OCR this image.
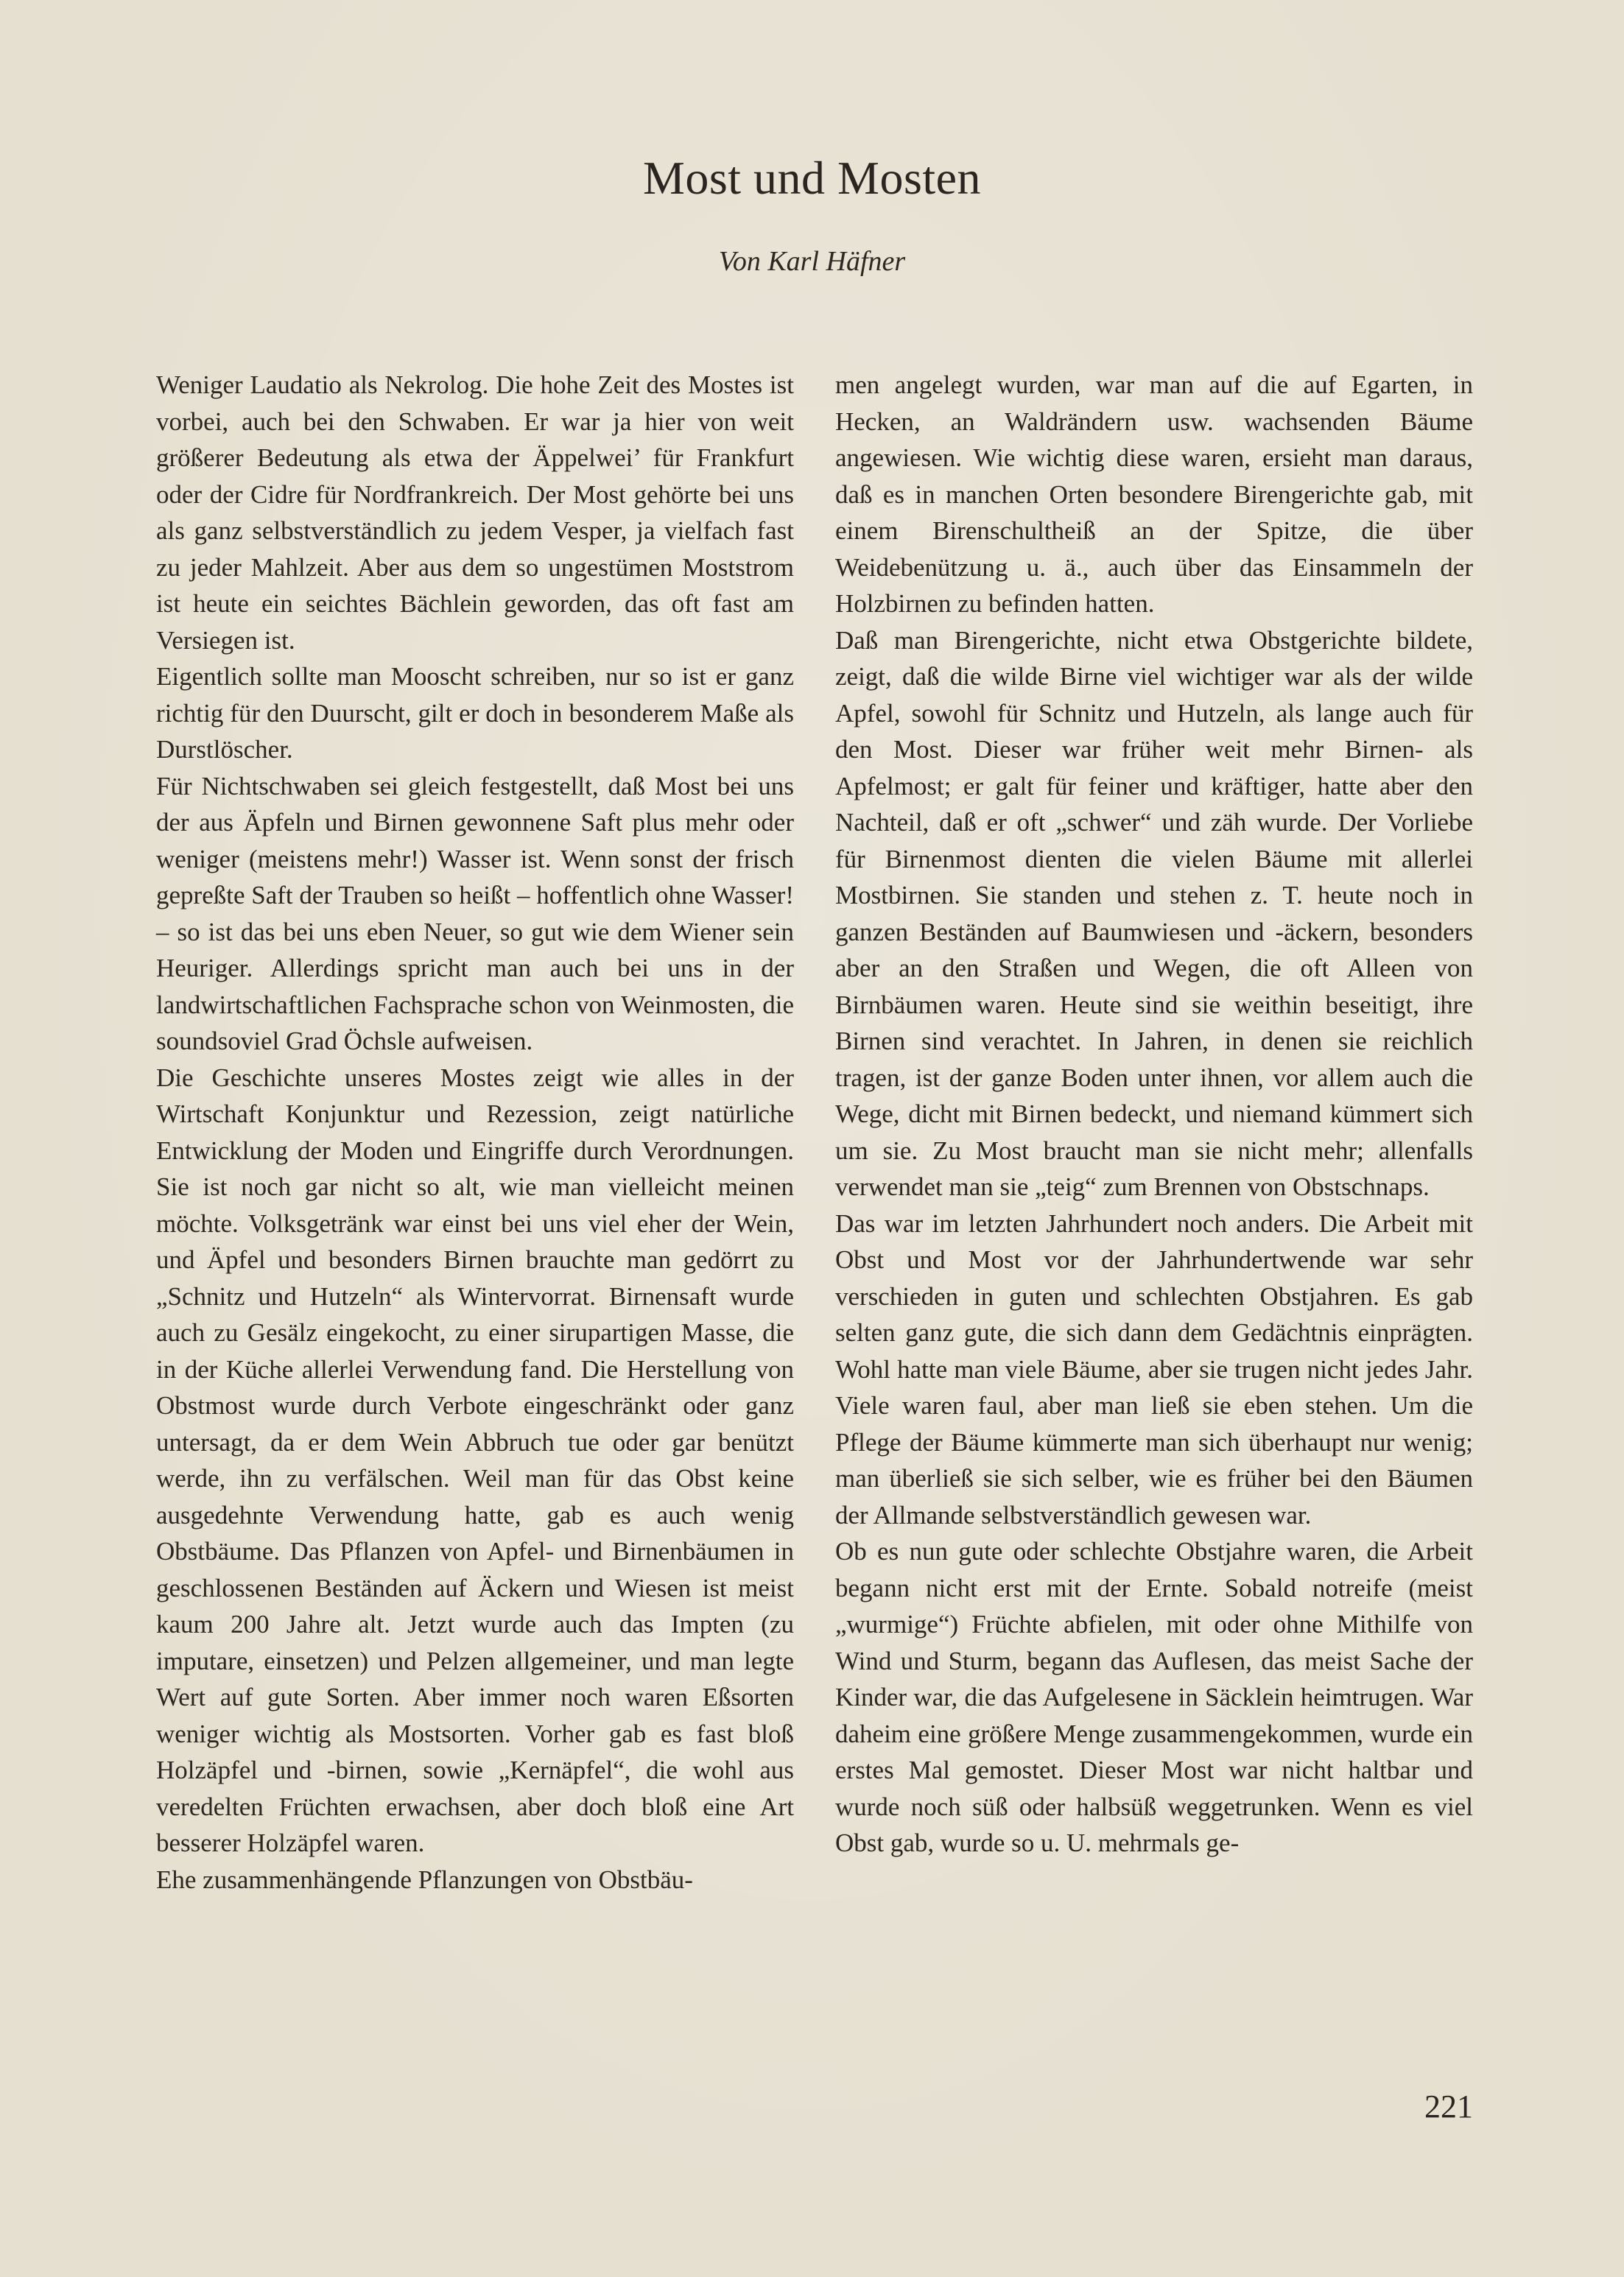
Most und Mosten
Von Karl Häfner

Weniger Laudatio als Nekrolog. Die hohe Zeit des Mostes ist vorbei, auch bei den Schwaben. Er war ja hier von weit größerer Bedeutung als etwa der Äppelwei’ für Frankfurt oder der Cidre für Nordfrankreich. Der Most gehörte bei uns als ganz selbstverständlich zu jedem Vesper, ja vielfach fast zu jeder Mahlzeit. Aber aus dem so ungestümen Moststrom ist heute ein seichtes Bächlein geworden, das oft fast am Versiegen ist.

Eigentlich sollte man Mooscht schreiben, nur so ist er ganz richtig für den Duurscht, gilt er doch in besonderem Maße als Durstlöscher.

Für Nichtschwaben sei gleich festgestellt, daß Most bei uns der aus Äpfeln und Birnen gewonnene Saft plus mehr oder weniger (meistens mehr!) Wasser ist. Wenn sonst der frisch gepreßte Saft der Trauben so heißt – hoffentlich ohne Wasser! – so ist das bei uns eben Neuer, so gut wie dem Wiener sein Heuriger. Allerdings spricht man auch bei uns in der landwirtschaftlichen Fachsprache schon von Weinmosten, die soundsoviel Grad Öchsle aufweisen.

Die Geschichte unseres Mostes zeigt wie alles in der Wirtschaft Konjunktur und Rezession, zeigt natürliche Entwicklung der Moden und Eingriffe durch Verordnungen. Sie ist noch gar nicht so alt, wie man vielleicht meinen möchte. Volksgetränk war einst bei uns viel eher der Wein, und Äpfel und besonders Birnen brauchte man gedörrt zu „Schnitz und Hutzeln“ als Wintervorrat. Birnensaft wurde auch zu Gesälz eingekocht, zu einer sirupartigen Masse, die in der Küche allerlei Verwendung fand. Die Herstellung von Obstmost wurde durch Verbote eingeschränkt oder ganz untersagt, da er dem Wein Abbruch tue oder gar benützt werde, ihn zu verfälschen. Weil man für das Obst keine ausgedehnte Verwendung hatte, gab es auch wenig Obstbäume. Das Pflanzen von Apfel- und Birnenbäumen in geschlossenen Beständen auf Äckern und Wiesen ist meist kaum 200 Jahre alt. Jetzt wurde auch das Impten (zu imputare, einsetzen) und Pelzen allgemeiner, und man legte Wert auf gute Sorten. Aber immer noch waren Eßsorten weniger wichtig als Mostsorten. Vorher gab es fast bloß Holzäpfel und -birnen, sowie „Kernäpfel“, die wohl aus veredelten Früchten erwachsen, aber doch bloß eine Art besserer Holzäpfel waren.

Ehe zusammenhängende Pflanzungen von Obstbäu-

men angelegt wurden, war man auf die auf Egarten, in Hecken, an Waldrändern usw. wachsenden Bäume angewiesen. Wie wichtig diese waren, ersieht man daraus, daß es in manchen Orten besondere Birengerichte gab, mit einem Birenschultheiß an der Spitze, die über Weidebenützung u. ä., auch über das Einsammeln der Holzbirnen zu befinden hatten.

Daß man Birengerichte, nicht etwa Obstgerichte bildete, zeigt, daß die wilde Birne viel wichtiger war als der wilde Apfel, sowohl für Schnitz und Hutzeln, als lange auch für den Most. Dieser war früher weit mehr Birnen- als Apfelmost; er galt für feiner und kräftiger, hatte aber den Nachteil, daß er oft „schwer“ und zäh wurde. Der Vorliebe für Birnenmost dienten die vielen Bäume mit allerlei Mostbirnen. Sie standen und stehen z. T. heute noch in ganzen Beständen auf Baumwiesen und -äckern, besonders aber an den Straßen und Wegen, die oft Alleen von Birnbäumen waren. Heute sind sie weithin beseitigt, ihre Birnen sind verachtet. In Jahren, in denen sie reichlich tragen, ist der ganze Boden unter ihnen, vor allem auch die Wege, dicht mit Birnen bedeckt, und niemand kümmert sich um sie. Zu Most braucht man sie nicht mehr; allenfalls verwendet man sie „teig“ zum Brennen von Obstschnaps.

Das war im letzten Jahrhundert noch anders. Die Arbeit mit Obst und Most vor der Jahrhundertwende war sehr verschieden in guten und schlechten Obstjahren. Es gab selten ganz gute, die sich dann dem Gedächtnis einprägten. Wohl hatte man viele Bäume, aber sie trugen nicht jedes Jahr. Viele waren faul, aber man ließ sie eben stehen. Um die Pflege der Bäume kümmerte man sich überhaupt nur wenig; man überließ sie sich selber, wie es früher bei den Bäumen der Allmande selbstverständlich gewesen war.

Ob es nun gute oder schlechte Obstjahre waren, die Arbeit begann nicht erst mit der Ernte. Sobald notreife (meist „wurmige“) Früchte abfielen, mit oder ohne Mithilfe von Wind und Sturm, begann das Auflesen, das meist Sache der Kinder war, die das Aufgelesene in Säcklein heimtrugen. War daheim eine größere Menge zusammengekommen, wurde ein erstes Mal gemostet. Dieser Most war nicht haltbar und wurde noch süß oder halbsüß weggetrunken. Wenn es viel Obst gab, wurde so u. U. mehrmals ge-

221
